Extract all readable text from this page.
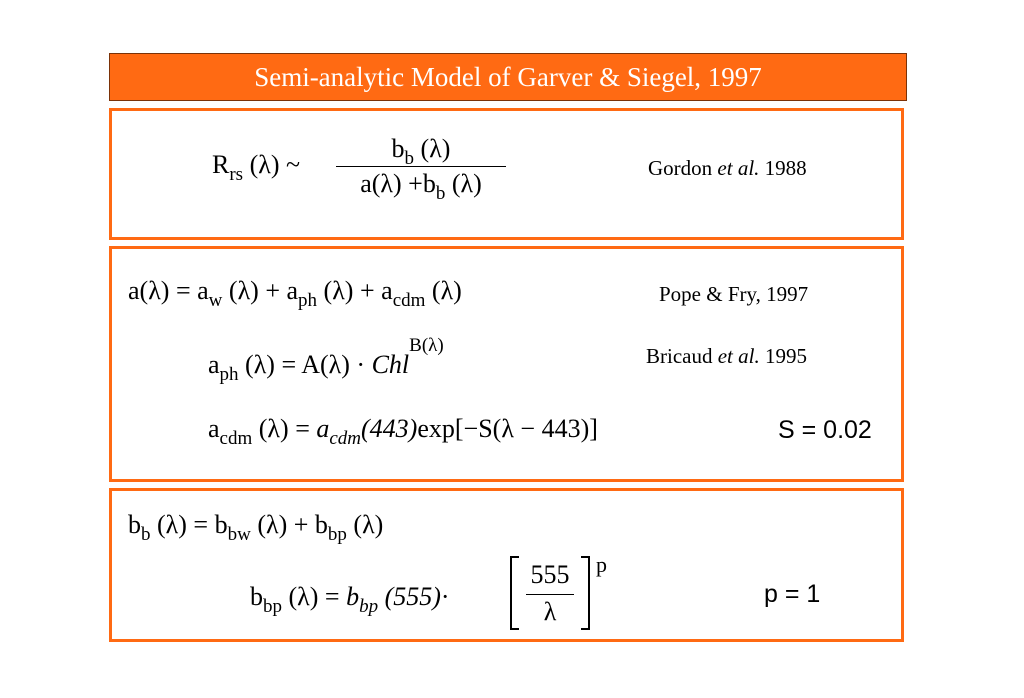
Semi-analytic Model of Garver & Siegel, 1997
$R_{rs}$ (λ) ~ $\frac{b_b (\lambda)}{a(\lambda) +b_b (\lambda)}$	Gordon et al. 1988
$a(\lambda) = a_w$ $(\lambda) + a_{ph}$ $(\lambda) + a_{cdm}$ (λ)	Pope & Fry, 1997
$a_{ph}$ (λ) = A(λ) · Chl$^{B(\lambda)}$	Bricaud et al. 1995
$a_{cdm}$ $(\lambda) = a_{cdm}(443)\exp[-S(\lambda - 443)]$	S = 0.02
$b_b$ $(\lambda) = b_{bw}$ $(\lambda) + b_{bp}$ (λ)
$b_{bp}$ $(\lambda) = b_{bp}$ (555)·
555
λ
p
p = 1
